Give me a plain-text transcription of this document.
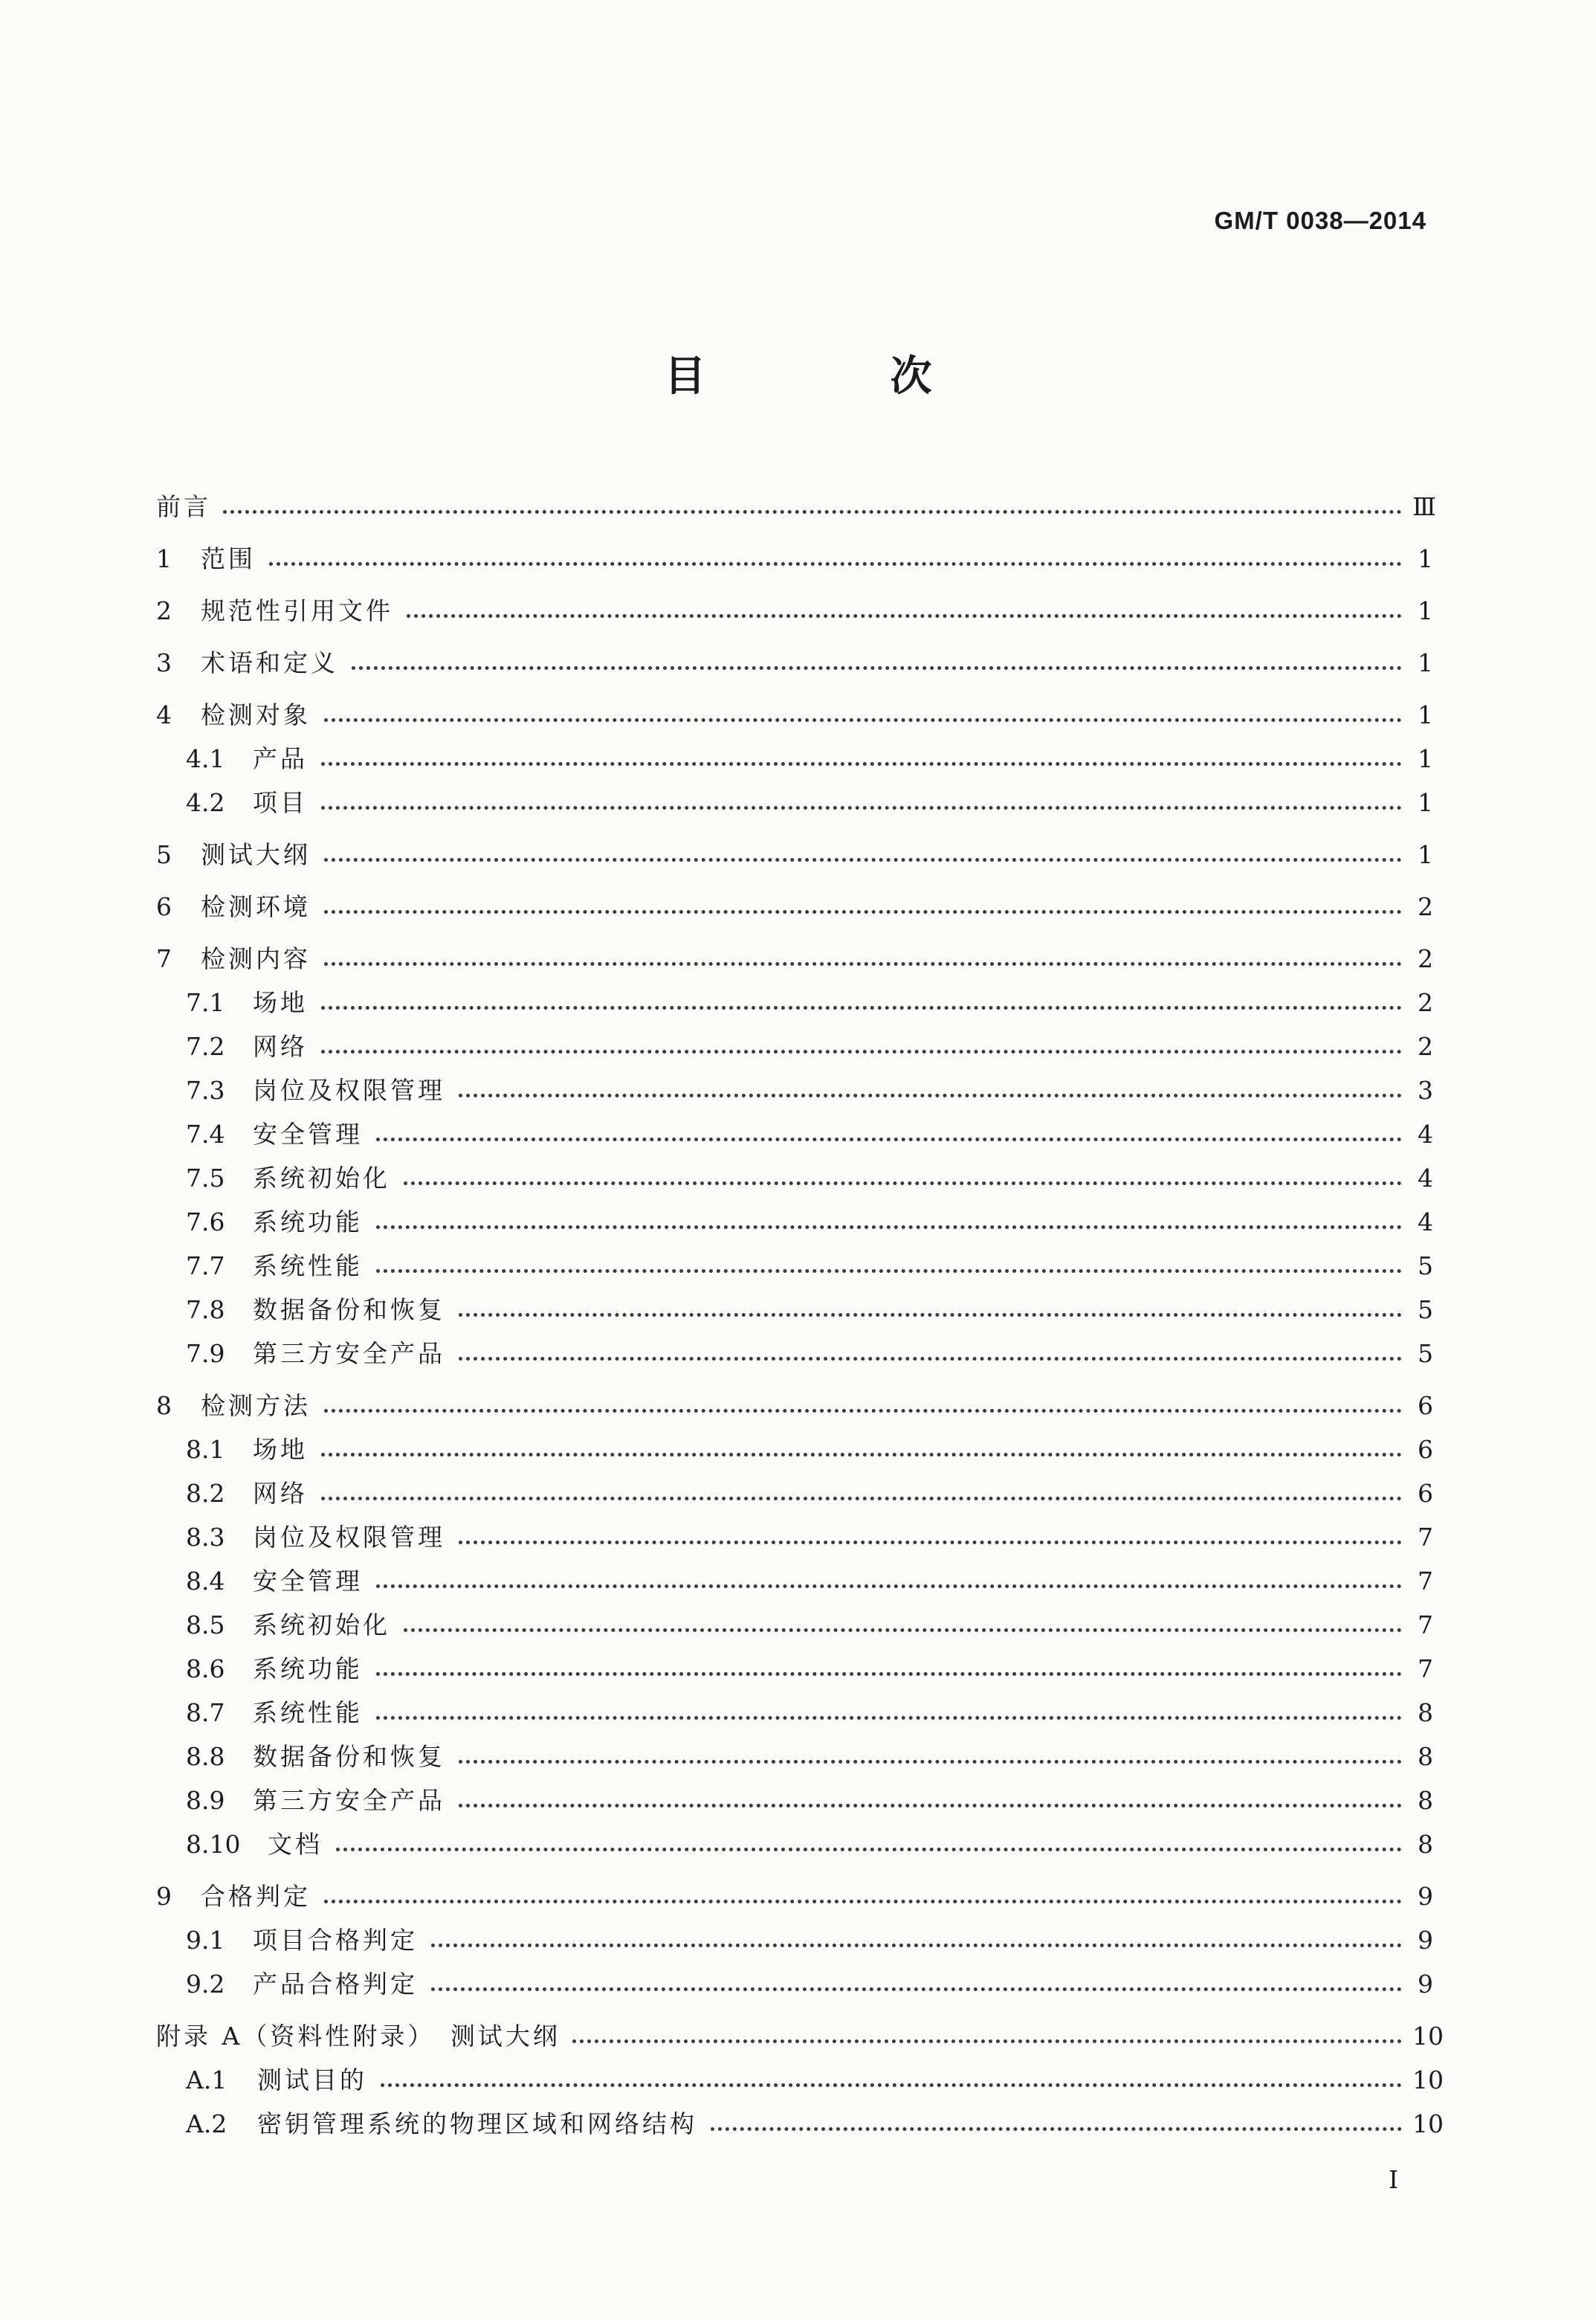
GM/T 0038—2014
目　次
前言	Ⅲ
1	范围	1
2	规范性引用文件	1
3	术语和定义	1
4	检测对象	1
4.1	产品	1
4.2	项目	1
5	测试大纲	1
6	检测环境	2
7	检测内容	2
7.1	场地	2
7.2	网络	2
7.3	岗位及权限管理	3
7.4	安全管理	4
7.5	系统初始化	4
7.6	系统功能	4
7.7	系统性能	5
7.8	数据备份和恢复	5
7.9	第三方安全产品	5
8	检测方法	6
8.1	场地	6
8.2	网络	6
8.3	岗位及权限管理	7
8.4	安全管理	7
8.5	系统初始化	7
8.6	系统功能	7
8.7	系统性能	8
8.8	数据备份和恢复	8
8.9	第三方安全产品	8
8.10	文档	8
9	合格判定	9
9.1	项目合格判定	9
9.2	产品合格判定	9
附录 A（资料性附录）　测试大纲	10
A.1	测试目的	10
A.2	密钥管理系统的物理区域和网络结构	10
I
